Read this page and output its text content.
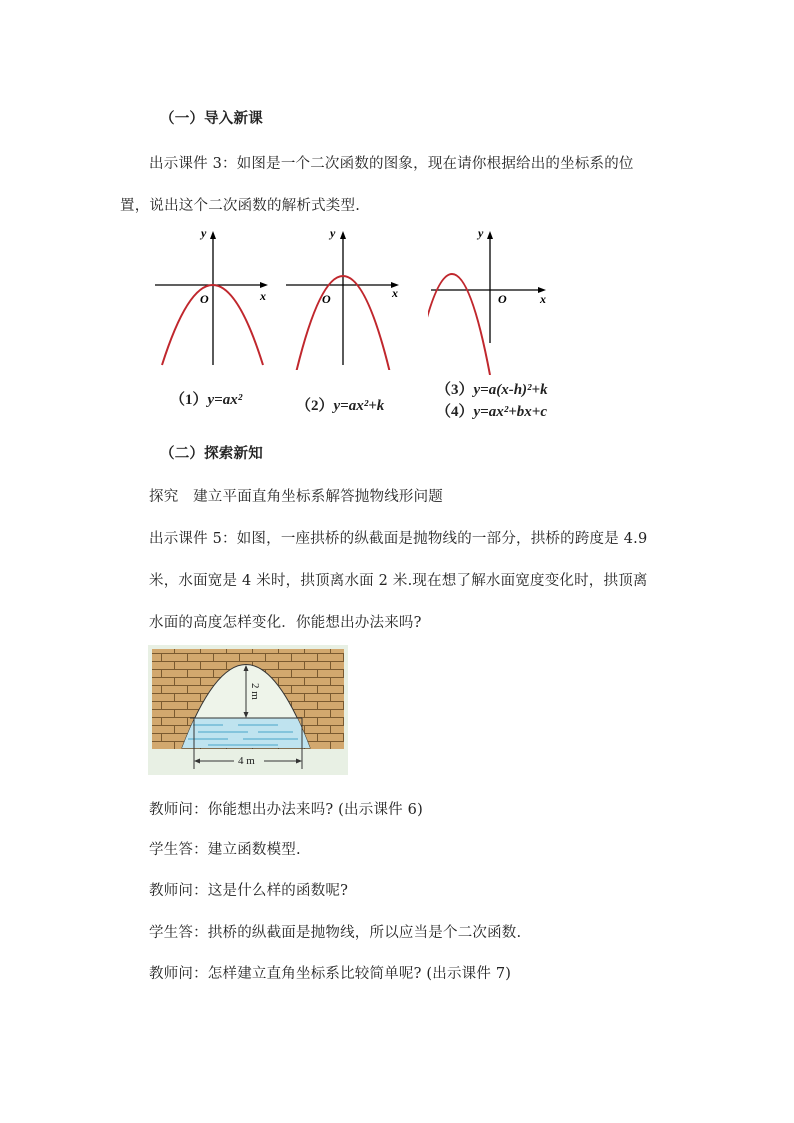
（一）导入新课
出示课件 3：如图是一个二次函数的图象，现在请你根据给出的坐标系的位
置，说出这个二次函数的解析式类型.
x
y
O	x
y
O	x
y
O
（1）y=ax²	（2）y=ax²+k
（3）y=a(x-h)²+k
（4）y=ax²+bx+c
（二）探索新知
探究　建立平面直角坐标系解答抛物线形问题
出示课件 5：如图，一座拱桥的纵截面是抛物线的一部分，拱桥的跨度是 4.9
米，水面宽是 4 米时，拱顶离水面 2 米.现在想了解水面宽度变化时，拱顶离
水面的高度怎样变化．你能想出办法来吗?
2 m
4 m
教师问：你能想出办法来吗? (出示课件 6)
学生答：建立函数模型.
教师问：这是什么样的函数呢?
学生答：拱桥的纵截面是抛物线，所以应当是个二次函数.
教师问：怎样建立直角坐标系比较简单呢? (出示课件 7)
